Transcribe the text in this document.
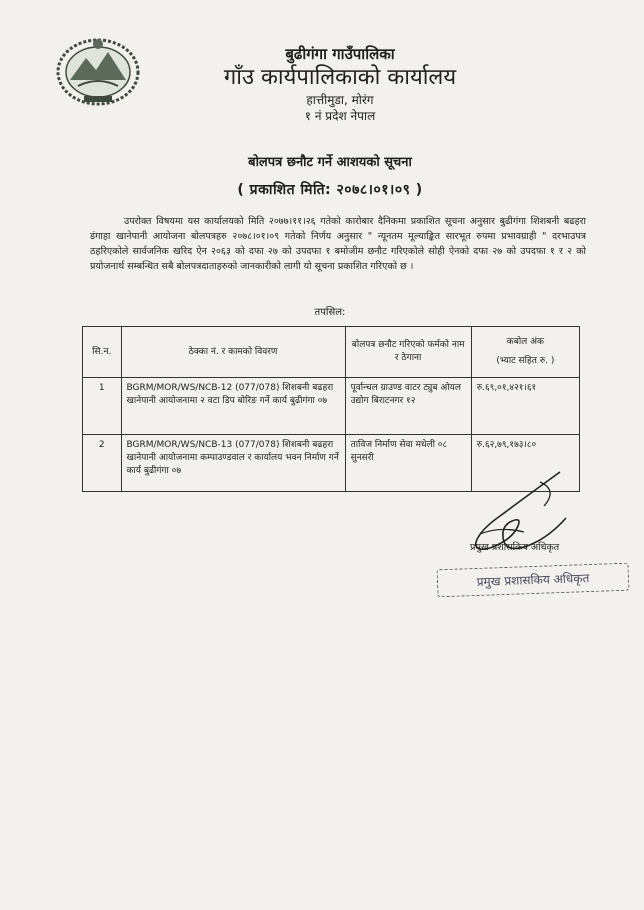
बुढीगंगा गाउँपालिका

गाँउ कार्यपालिकाको कार्यालय

हात्तीमुडा, मोरंग

१ नं प्रदेश नेपाल

बोलपत्र छनौट गर्ने आशयको सूचना
( प्रकाशित मिति: २०७८।०१।०९ )

उपरोक्त विषयमा यस कार्यालयको मिति २०७७।११।२६ गतेको कारोबार दैनिकमा प्रकाशित सूचना अनुसार बुढीगंगा शिशबनी बढहरा डंगाहा खानेपानी आयोजना बोलपत्रहरु २०७८।०१।०९ गतेको निर्णय अनुसार " न्यूनतम मूल्याङ्कित सारभूत रुपमा प्रभावग्राही " दरभाउपत्र ठहरिएकोले सार्वजनिक खरिद ऐन २०६३ को दफा २७ को उपदफा १ बमोजीम छनौट गरिएकोले सोही ऐनको दफा २७ को उपदफा १ र २ को प्रयोजनार्थ सम्बन्धित सबै बोलपत्रदाताहरुको जानकारीको लागी यो सूचना प्रकाशित गरिएको छ ।

तपसिल:
सि.न.	ठेक्का नं. र कामको विवरण	बोलपत्र छनौट गरिएको फर्मको नाम र ठेगाना	कबोल अंक
(भ्याट सहित रु. )

1	BGRM/MOR/WS/NCB-12 (077/078) शिशबनी बढहरा खानेपानी आयोजनामा २ वटा डिप बोरिङ गर्ने कार्य बुढीगंगा ०७	पूर्वान्चल ग्राउण्ड वाटर ट्युब ओयल उद्योग बिराटनगर १२	रु.६९,०१,४२१।६१
2	BGRM/MOR/WS/NCB-13 (077/078) शिशबनी बढहरा खानेपानी आयोजनामा कम्पाउण्डवाल र कार्यालय भवन निर्माण गर्ने कार्य बुढीगंगा ०७	ताविज निर्माण सेवा मधेली ०८ सुनसरी	रु.६२,७९,१७३।८०
प्रमुख प्रशासकिय अधिकृत
प्रमुख प्रशासकिय अधिकृत
